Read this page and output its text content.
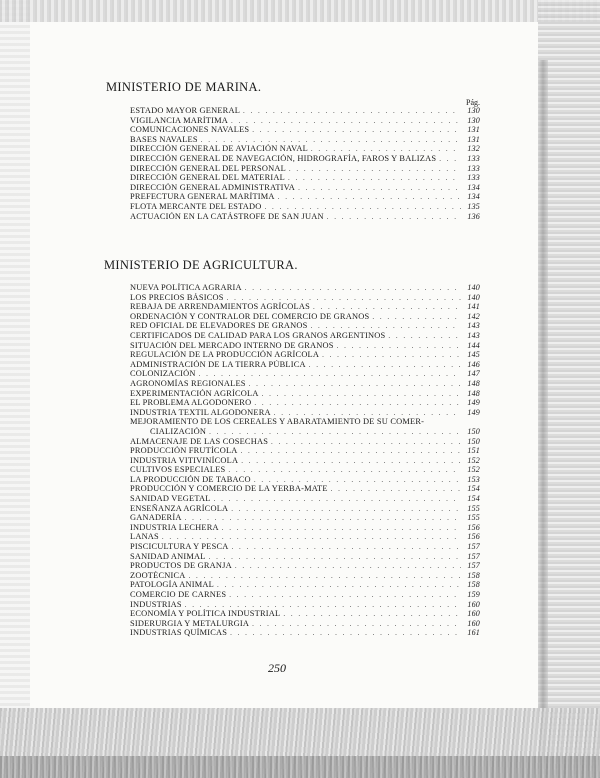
MINISTERIO DE MARINA.
Pág.
ESTADO MAYOR GENERAL . . .	130
VIGILANCIA MARÍTIMA . . .	130
COMUNICACIONES NAVALES . . .	131
BASES NAVALES . . .	131
DIRECCIÓN GENERAL DE AVIACIÓN NAVAL . . .	132
DIRECCIÓN GENERAL DE NAVEGACIÓN, HIDROGRAFÍA, FAROS Y BALIZAS . . .	133
DIRECCIÓN GENERAL DEL PERSONAL . . .	133
DIRECCIÓN GENERAL DEL MATERIAL . . .	133
DIRECCIÓN GENERAL ADMINISTRATIVA . . .	134
PREFECTURA GENERAL MARÍTIMA . . .	134
FLOTA MERCANTE DEL ESTADO . . .	135
ACTUACIÓN EN LA CATÁSTROFE DE SAN JUAN . . .	136
MINISTERIO DE AGRICULTURA.
NUEVA POLÍTICA AGRARIA . . .	140
LOS PRECIOS BÁSICOS . . .	140
REBAJA DE ARRENDAMIENTOS AGRÍCOLAS . . .	141
ORDENACIÓN Y CONTRALOR DEL COMERCIO DE GRANOS . . .	142
RED OFICIAL DE ELEVADORES DE GRANOS . . .	143
CERTIFICADOS DE CALIDAD PARA LOS GRANOS ARGENTINOS . . .	143
SITUACIÓN DEL MERCADO INTERNO DE GRANOS . . .	144
REGULACIÓN DE LA PRODUCCIÓN AGRÍCOLA . . .	145
ADMINISTRACIÓN DE LA TIERRA PÚBLICA . . .	146
COLONIZACIÓN . . .	147
AGRONOMÍAS REGIONALES . . .	148
EXPERIMENTACIÓN AGRÍCOLA . . .	148
EL PROBLEMA ALGODONERO . . .	149
INDUSTRIA TEXTIL ALGODONERA . . .	149
MEJORAMIENTO DE LOS CEREALES Y ABARATAMIENTO DE SU COMER-
CIALIZACIÓN . . .	150
ALMACENAJE DE LAS COSECHAS . . .	150
PRODUCCIÓN FRUTÍCOLA . . .	151
INDUSTRIA VITIVINÍCOLA . . .	152
CULTIVOS ESPECIALES . . .	152
LA PRODUCCIÓN DE TABACO . . .	153
PRODUCCIÓN Y COMERCIO DE LA YERBA-MATE . . .	154
SANIDAD VEGETAL . . .	154
ENSEÑANZA AGRÍCOLA . . .	155
GANADERÍA . . .	155
INDUSTRIA LECHERA . . .	156
LANAS . . .	156
PISCICULTURA Y PESCA . . .	157
SANIDAD ANIMAL . . .	157
PRODUCTOS DE GRANJA . . .	157
ZOOTÉCNICA . . .	158
PATOLOGÍA ANIMAL . . .	158
COMERCIO DE CARNES . . .	159
INDUSTRIAS . . .	160
ECONOMÍA Y POLÍTICA INDUSTRIAL . . .	160
SIDERURGIA Y METALURGIA . . .	160
INDUSTRIAS QUÍMICAS . . .	161
250
